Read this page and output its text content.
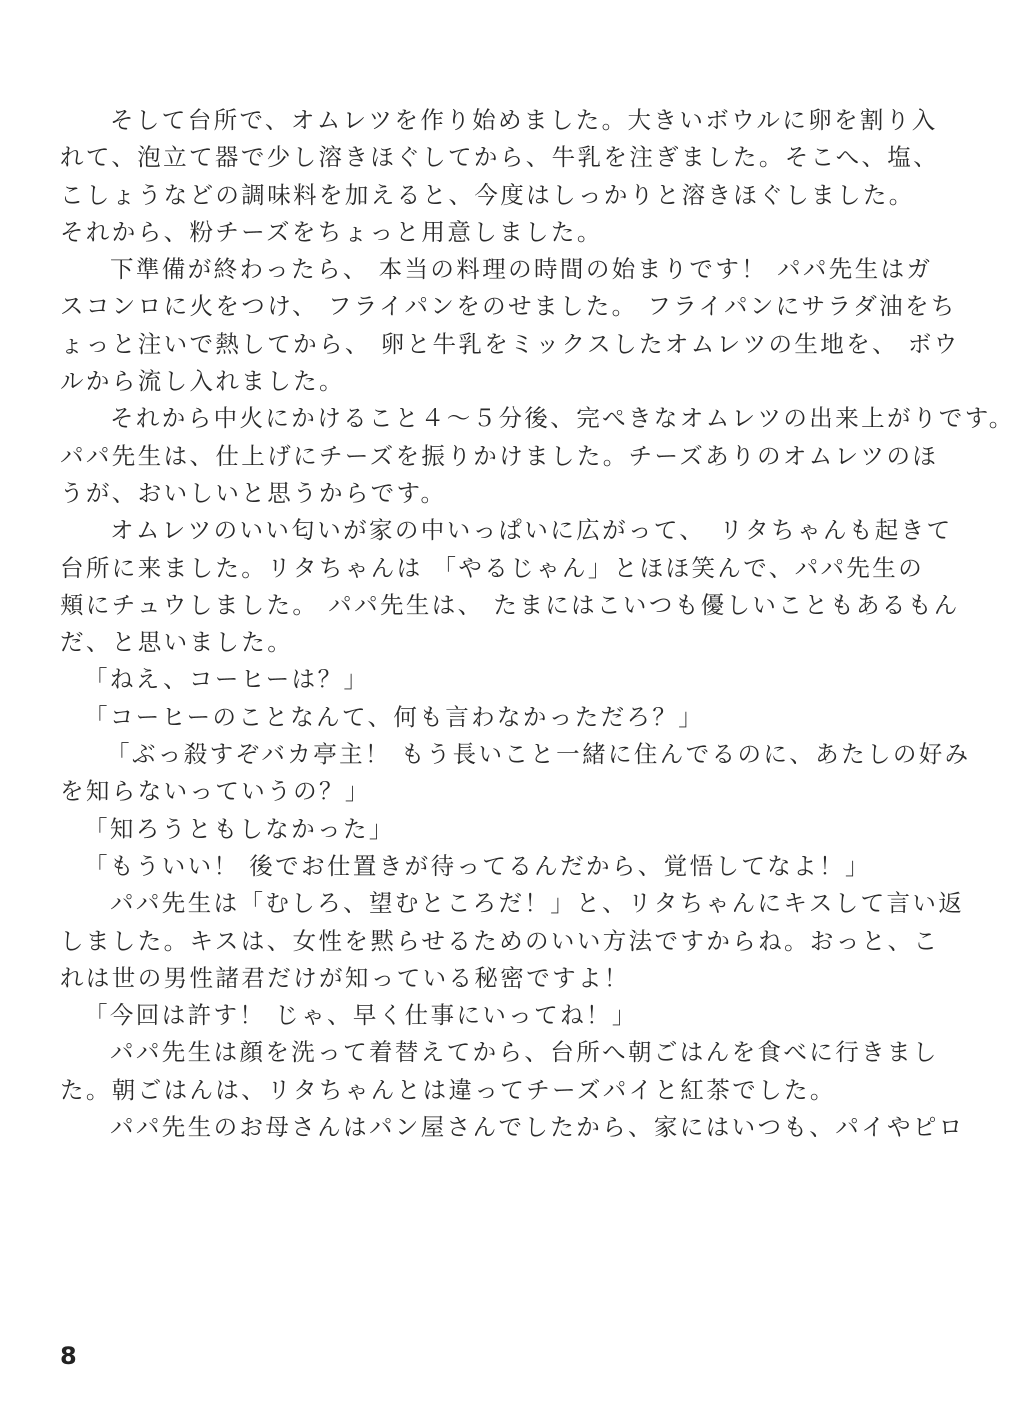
そして台所で、オムレツを作り始めました。大きいボウルに卵を割り入
れて、泡立て器で少し溶きほぐしてから、牛乳を注ぎました。そこへ、塩、
こしょうなどの調味料を加えると、今度はしっかりと溶きほぐしました。
それから、粉チーズをちょっと用意しました。
下準備が終わったら、 本当の料理の時間の始まりです！ パパ先生はガ
スコンロに火をつけ、 フライパンをのせました。 フライパンにサラダ油をち
ょっと注いで熱してから、 卵と牛乳をミックスしたオムレツの生地を、 ボウ
ルから流し入れました。
それから中火にかけること４～５分後、完ぺきなオムレツの出来上がりです。
パパ先生は、仕上げにチーズを振りかけました。チーズありのオムレツのほ
うが、おいしいと思うからです。
オムレツのいい匂いが家の中いっぱいに広がって、　リタちゃんも起きて
台所に来ました。リタちゃんは 「やるじゃん」とほほ笑んで、パパ先生の
頬にチュウしました。 パパ先生は、 たまにはこいつも優しいこともあるもん
だ、と思いました。
「ねえ、コーヒーは？」
「コーヒーのことなんて、何も言わなかっただろ？」
「ぶっ殺すぞバカ亭主！ もう長いこと一緒に住んでるのに、あたしの好み
を知らないっていうの？」
「知ろうともしなかった」
「もういい！ 後でお仕置きが待ってるんだから、覚悟してなよ！」
パパ先生は「むしろ、望むところだ！」と、リタちゃんにキスして言い返
しました。キスは、女性を黙らせるためのいい方法ですからね。おっと、こ
れは世の男性諸君だけが知っている秘密ですよ！
「今回は許す！ じゃ、早く仕事にいってね！」
パパ先生は顔を洗って着替えてから、台所へ朝ごはんを食べに行きまし
た。朝ごはんは、リタちゃんとは違ってチーズパイと紅茶でした。
パパ先生のお母さんはパン屋さんでしたから、家にはいつも、パイやピロ
8
